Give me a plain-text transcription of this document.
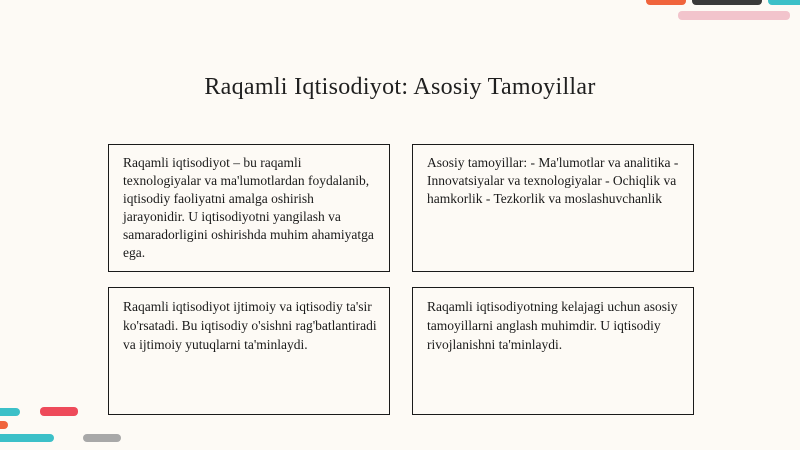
Raqamli Iqtisodiyot: Asosiy Tamoyillar

Raqamli iqtisodiyot – bu raqamli texnologiyalar va ma'lumotlardan foydalanib, iqtisodiy faoliyatni amalga oshirish jarayonidir. U iqtisodiyotni yangilash va samaradorligini oshirishda muhim ahamiyatga ega.

Asosiy tamoyillar: - Ma'lumotlar va analitika - Innovatsiyalar va texnologiyalar - Ochiqlik va hamkorlik - Tezkorlik va moslashuvchanlik

Raqamli iqtisodiyot ijtimoiy va iqtisodiy ta'sir ko'rsatadi. Bu iqtisodiy o'sishni rag'batlantiradi va ijtimoiy yutuqlarni ta'minlaydi.

Raqamli iqtisodiyotning kelajagi uchun asosiy tamoyillarni anglash muhimdir. U iqtisodiy rivojlanishni ta'minlaydi.
